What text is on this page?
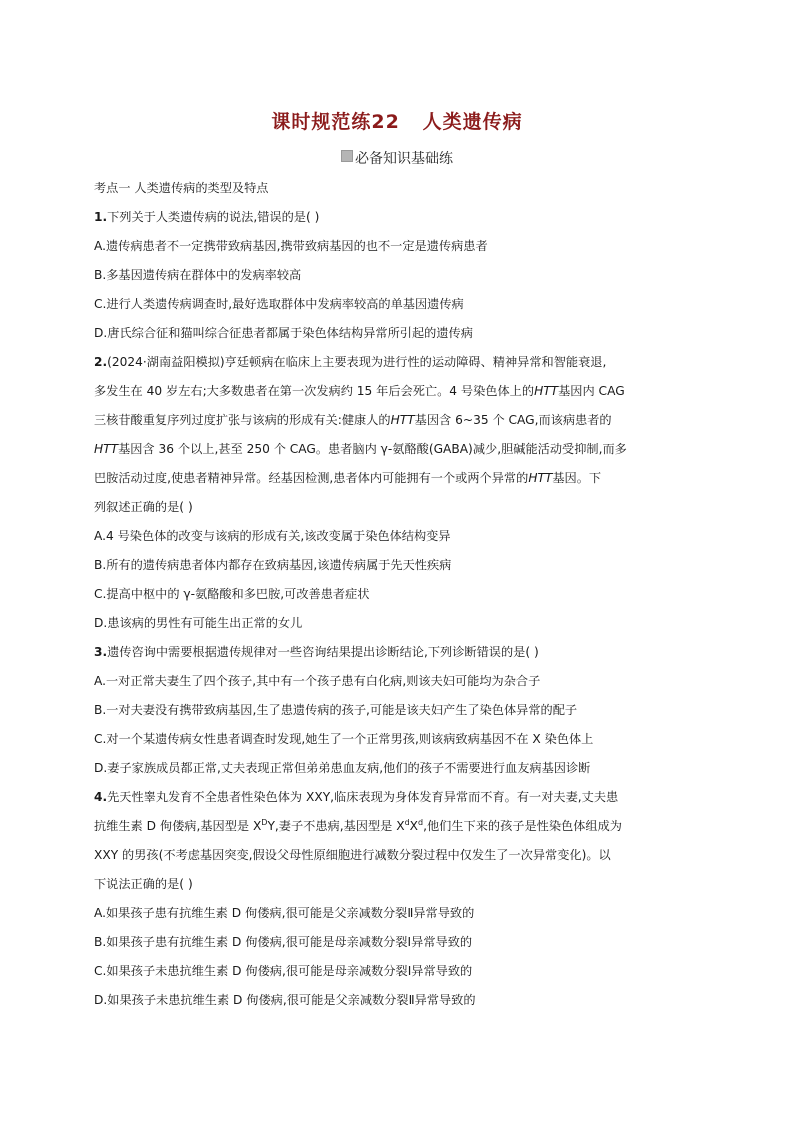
课时规范练22   人类遗传病
必备知识基础练
考点一 人类遗传病的类型及特点
1.下列关于人类遗传病的说法,错误的是( )
A.遗传病患者不一定携带致病基因,携带致病基因的也不一定是遗传病患者
B.多基因遗传病在群体中的发病率较高
C.进行人类遗传病调查时,最好选取群体中发病率较高的单基因遗传病
D.唐氏综合征和猫叫综合征患者都属于染色体结构异常所引起的遗传病
2.(2024·湖南益阳模拟)亨廷顿病在临床上主要表现为进行性的运动障碍、精神异常和智能衰退,
多发生在 40 岁左右;大多数患者在第一次发病约 15 年后会死亡。4 号染色体上的HTT基因内 CAG
三核苷酸重复序列过度扩张与该病的形成有关:健康人的HTT基因含 6~35 个 CAG,而该病患者的
HTT基因含 36 个以上,甚至 250 个 CAG。患者脑内 γ-氨酪酸(GABA)减少,胆碱能活动受抑制,而多
巴胺活动过度,使患者精神异常。经基因检测,患者体内可能拥有一个或两个异常的HTT基因。下
列叙述正确的是( )
A.4 号染色体的改变与该病的形成有关,该改变属于染色体结构变异
B.所有的遗传病患者体内都存在致病基因,该遗传病属于先天性疾病
C.提高中枢中的 γ-氨酪酸和多巴胺,可改善患者症状
D.患该病的男性有可能生出正常的女儿
3.遗传咨询中需要根据遗传规律对一些咨询结果提出诊断结论,下列诊断错误的是( )
A.一对正常夫妻生了四个孩子,其中有一个孩子患有白化病,则该夫妇可能均为杂合子
B.一对夫妻没有携带致病基因,生了患遗传病的孩子,可能是该夫妇产生了染色体异常的配子
C.对一个某遗传病女性患者调查时发现,她生了一个正常男孩,则该病致病基因不在 X 染色体上
D.妻子家族成员都正常,丈夫表现正常但弟弟患血友病,他们的孩子不需要进行血友病基因诊断
4.先天性睾丸发育不全患者性染色体为 XXY,临床表现为身体发育异常而不育。有一对夫妻,丈夫患
抗维生素 D 佝偻病,基因型是 $X^DY$,妻子不患病,基因型是 $X^dX^d$,他们生下来的孩子是性染色体组成为
XXY 的男孩(不考虑基因突变,假设父母性原细胞进行减数分裂过程中仅发生了一次异常变化)。以
下说法正确的是( )
A.如果孩子患有抗维生素 D 佝偻病,很可能是父亲减数分裂Ⅱ异常导致的
B.如果孩子患有抗维生素 D 佝偻病,很可能是母亲减数分裂Ⅰ异常导致的
C.如果孩子未患抗维生素 D 佝偻病,很可能是母亲减数分裂Ⅰ异常导致的
D.如果孩子未患抗维生素 D 佝偻病,很可能是父亲减数分裂Ⅱ异常导致的
